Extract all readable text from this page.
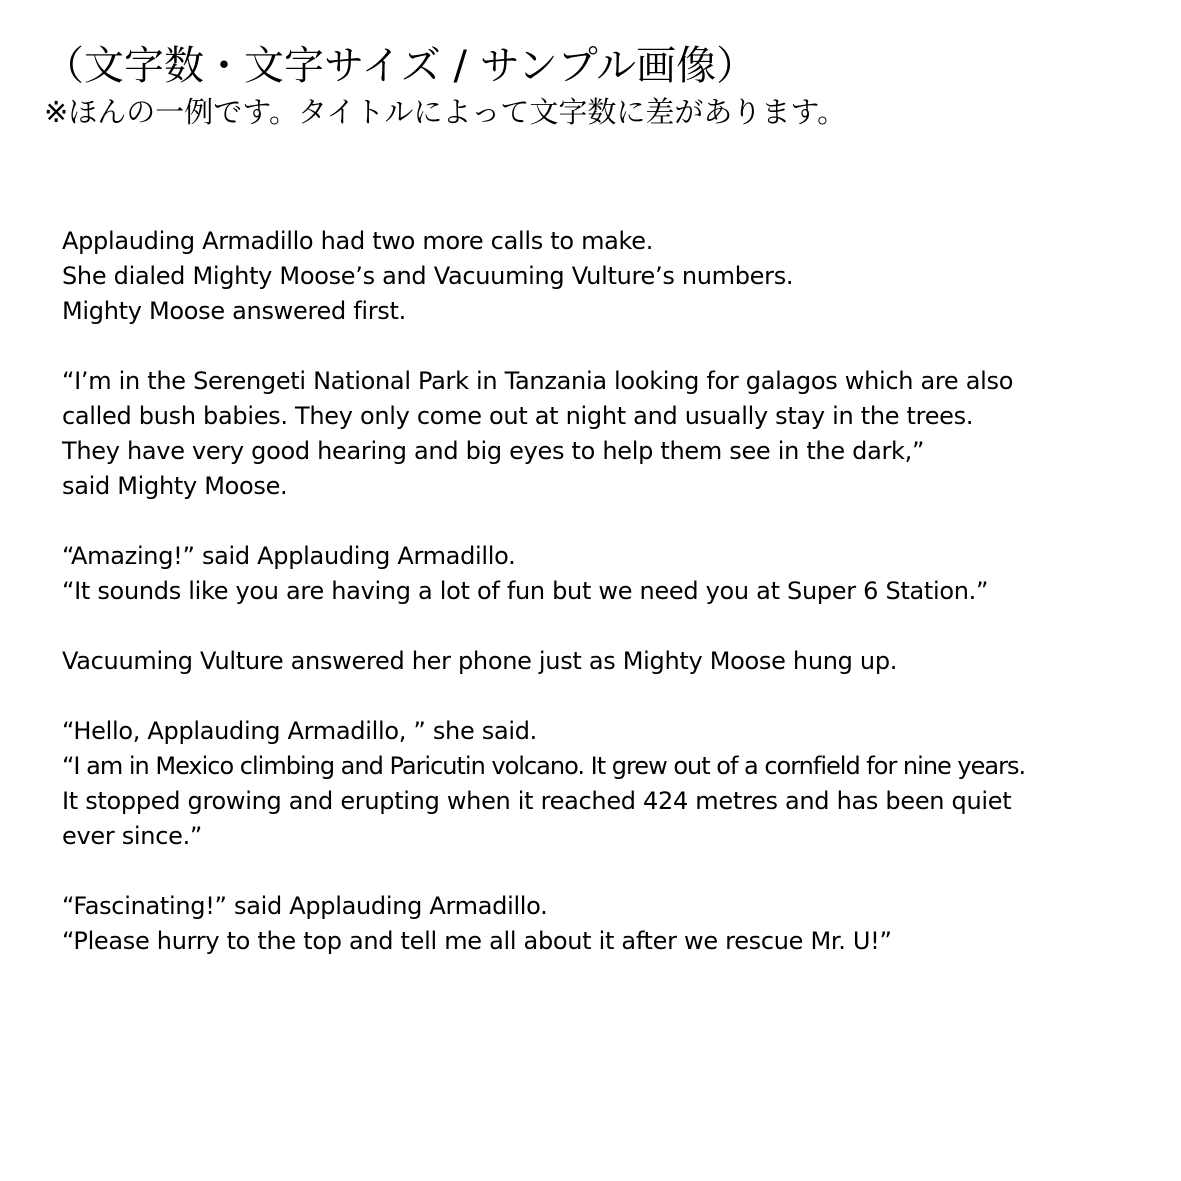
（文字数・文字サイズ / サンプル画像）

※ほんの一例です。タイトルによって文字数に差があります。

Applauding Armadillo had two more calls to make.
She dialed Mighty Moose’s and Vacuuming Vulture’s numbers.
Mighty Moose answered first.
“I’m in the Serengeti National Park in Tanzania looking for galagos which are also
called bush babies. They only come out at night and usually stay in the trees.
They have very good hearing and big eyes to help them see in the dark,”
said Mighty Moose.
“Amazing!” said Applauding Armadillo.
“It sounds like you are having a lot of fun but we need you at Super 6 Station.”
Vacuuming Vulture answered her phone just as Mighty Moose hung up.
“Hello, Applauding Armadillo, ” she said.
“I am in Mexico climbing and Paricutin volcano. It grew out of a cornfield for nine years.
It stopped growing and erupting when it reached 424 metres and has been quiet
ever since.”
“Fascinating!” said Applauding Armadillo.
“Please hurry to the top and tell me all about it after we rescue Mr. U!”
